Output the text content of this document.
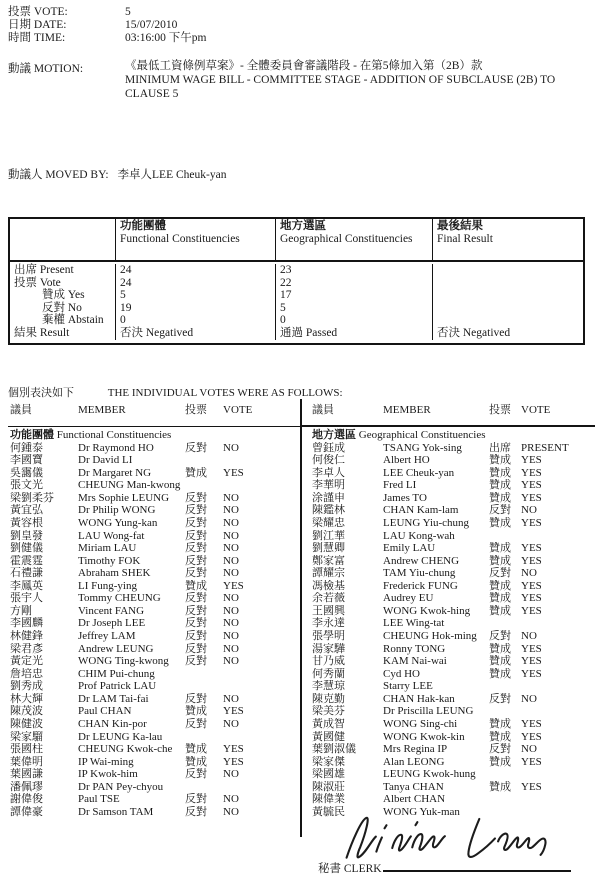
投票 VOTE:	5
日期 DATE:	15/07/2010
時間 TIME:	03:16:00 下午pm
動議 MOTION:	《最低工資條例草案》- 全體委員會審議階段 - 在第5條加入第（2B）款
MINIMUM WAGE BILL - COMMITTEE STAGE - ADDITION OF SUBCLAUSE (2B) TO
CLAUSE 5
動議人 MOVED BY: 李卓人LEE Cheuk-yan
功能團體
Functional Constituencies
地方選區
Geographical Constituencies
最後結果
Final Result
出席 Present	24	23
投票 Vote	24	22
贊成 Yes	5	17
反對 No	19	5
棄權 Abstain	0	0
結果 Result	否決 Negatived	通過 Passed	否決 Negatived
個別表決如下	THE INDIVIDUAL VOTES WERE AS FOLLOWS:
議員	MEMBER	投票	VOTE
功能團體 Functional Constituencies
何鍾泰	Dr Raymond HO	反對	NO
李國寶	Dr David LI
吳靄儀	Dr Margaret NG	贊成	YES
張文光	CHEUNG Man-kwong
梁劉柔芬	Mrs Sophie LEUNG	反對	NO
黃宜弘	Dr Philip WONG	反對	NO
黃容根	WONG Yung-kan	反對	NO
劉皇發	LAU Wong-fat	反對	NO
劉健儀	Miriam LAU	反對	NO
霍震霆	Timothy FOK	反對	NO
石禮謙	Abraham SHEK	反對	NO
李鳳英	LI Fung-ying	贊成	YES
張宇人	Tommy CHEUNG	反對	NO
方剛	Vincent FANG	反對	NO
李國麟	Dr Joseph LEE	反對	NO
林健鋒	Jeffrey LAM	反對	NO
梁君彥	Andrew LEUNG	反對	NO
黃定光	WONG Ting-kwong	反對	NO
詹培忠	CHIM Pui-chung
劉秀成	Prof Patrick LAU
林大輝	Dr LAM Tai-fai	反對	NO
陳茂波	Paul CHAN	贊成	YES
陳健波	CHAN Kin-por	反對	NO
梁家騮	Dr LEUNG Ka-lau
張國柱	CHEUNG Kwok-che	贊成	YES
葉偉明	IP Wai-ming	贊成	YES
葉國謙	IP Kwok-him	反對	NO
潘佩璆	Dr PAN Pey-chyou
謝偉俊	Paul TSE	反對	NO
譚偉豪	Dr Samson TAM	反對	NO
議員	MEMBER	投票 VOTE
地方選區 Geographical Constituencies
曾鈺成	TSANG Yok-sing	出席 PRESENT
何俊仁	Albert HO	贊成 YES
李卓人	LEE Cheuk-yan	贊成 YES
李華明	Fred LI	贊成 YES
涂謹申	James TO	贊成 YES
陳鑑林	CHAN Kam-lam	反對 NO
梁耀忠	LEUNG Yiu-chung	贊成 YES
劉江華	LAU Kong-wah
劉慧卿	Emily LAU	贊成 YES
鄭家富	Andrew CHENG	贊成 YES
譚耀宗	TAM Yiu-chung	反對 NO
馮檢基	Frederick FUNG	贊成 YES
余若薇	Audrey EU	贊成 YES
王國興	WONG Kwok-hing	贊成 YES
李永達	LEE Wing-tat
張學明	CHEUNG Hok-ming	反對 NO
湯家驊	Ronny TONG	贊成 YES
甘乃威	KAM Nai-wai	贊成 YES
何秀蘭	Cyd HO	贊成 YES
李慧琼	Starry LEE
陳克勤	CHAN Hak-kan	反對 NO
梁美芬	Dr Priscilla LEUNG
黃成智	WONG Sing-chi	贊成 YES
黃國健	WONG Kwok-kin	贊成 YES
葉劉淑儀	Mrs Regina IP	反對 NO
梁家傑	Alan LEONG	贊成 YES
梁國雄	LEUNG Kwok-hung
陳淑莊	Tanya CHAN	贊成 YES
陳偉業	Albert CHAN
黃毓民	WONG Yuk-man
秘書 CLERK
